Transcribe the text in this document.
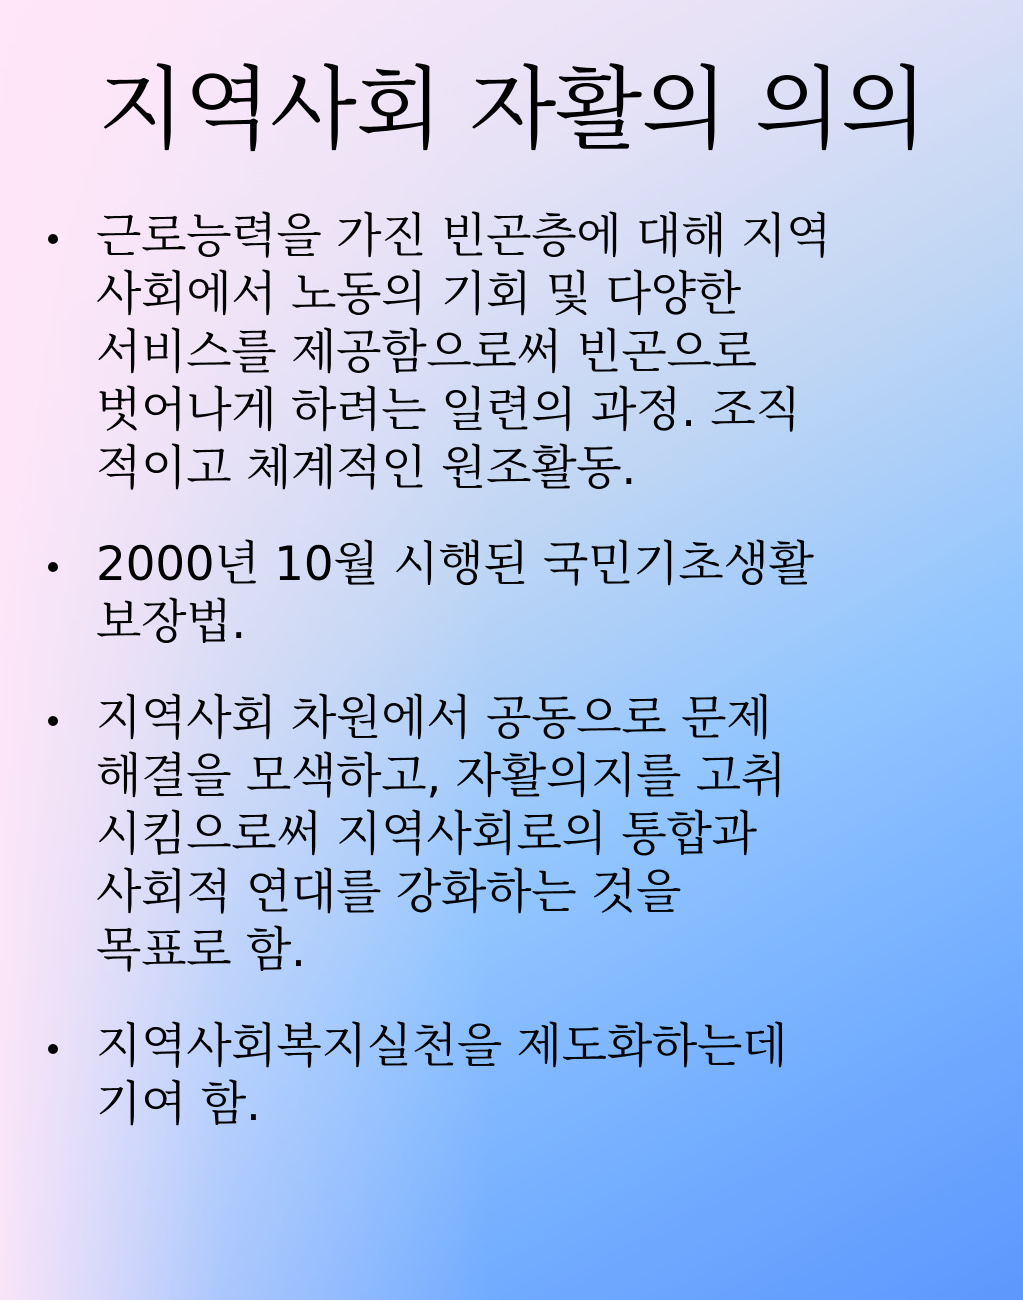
지역사회 자활의 의의
근로능력을 가진 빈곤층에 대해 지역
사회에서 노동의 기회 및 다양한
서비스를 제공함으로써 빈곤으로
벗어나게 하려는 일련의 과정. 조직
적이고 체계적인 원조활동.
2000년 10월 시행된 국민기초생활
보장법.
지역사회 차원에서 공동으로 문제
해결을 모색하고, 자활의지를 고취
시킴으로써 지역사회로의 통합과
사회적 연대를 강화하는 것을
목표로 함.
지역사회복지실천을 제도화하는데
기여 함.
